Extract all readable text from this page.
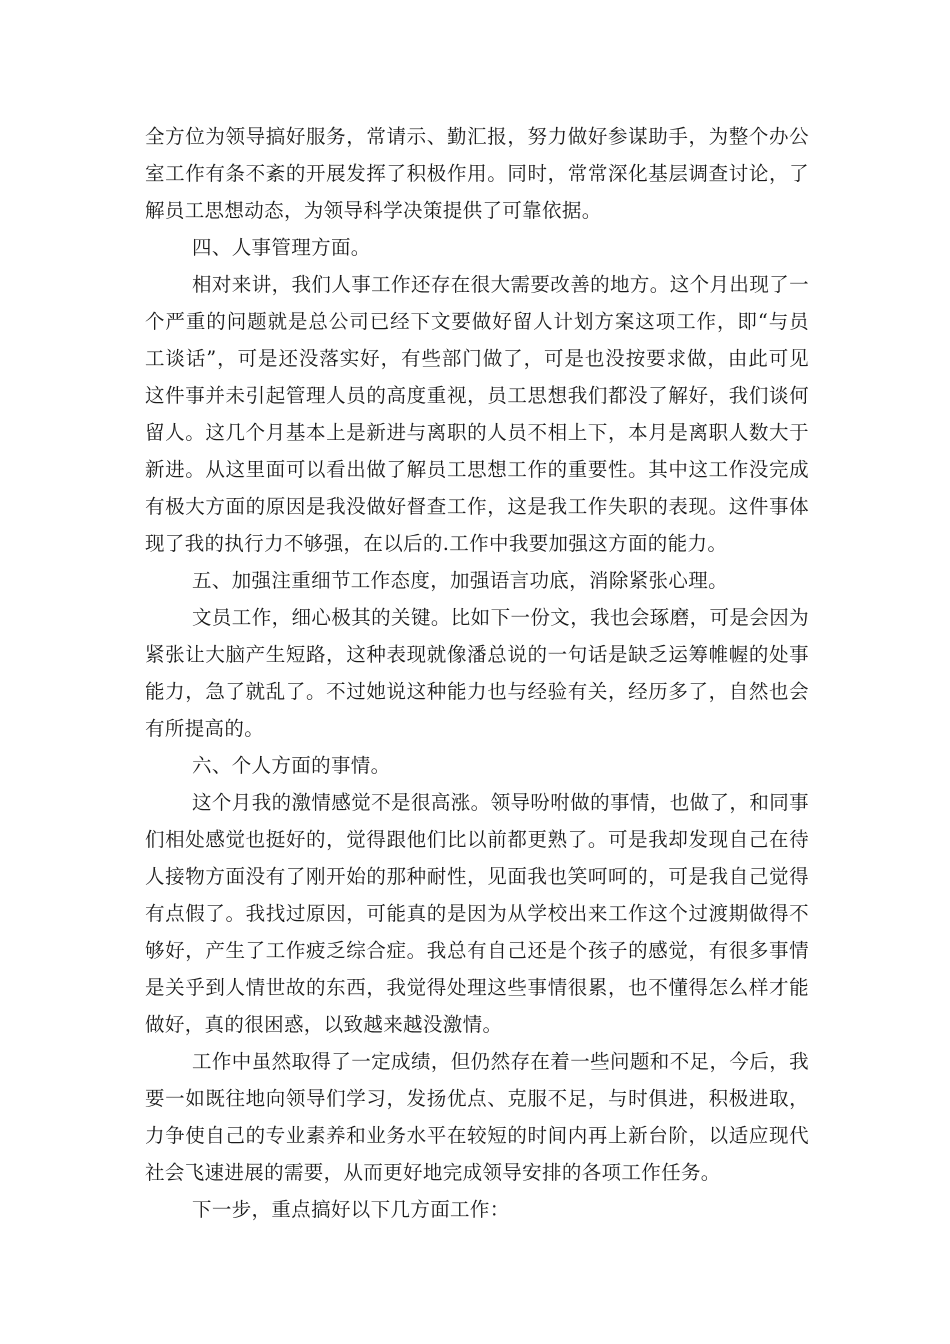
全方位为领导搞好服务，常请示、勤汇报，努力做好参谋助手，为整个办公室工作有条不紊的开展发挥了积极作用。同时，常常深化基层调查讨论，了解员工思想动态，为领导科学决策提供了可靠依据。

四、人事管理方面。

相对来讲，我们人事工作还存在很大需要改善的地方。这个月出现了一个严重的问题就是总公司已经下文要做好留人计划方案这项工作，即“与员工谈话”，可是还没落实好，有些部门做了，可是也没按要求做，由此可见这件事并未引起管理人员的高度重视，员工思想我们都没了解好，我们谈何留人。这几个月基本上是新进与离职的人员不相上下，本月是离职人数大于新进。从这里面可以看出做了解员工思想工作的重要性。其中这工作没完成有极大方面的原因是我没做好督查工作，这是我工作失职的表现。这件事体现了我的执行力不够强，在以后的.工作中我要加强这方面的能力。

五、加强注重细节工作态度，加强语言功底，消除紧张心理。

文员工作，细心极其的关键。比如下一份文，我也会琢磨，可是会因为紧张让大脑产生短路，这种表现就像潘总说的一句话是缺乏运筹帷幄的处事能力，急了就乱了。不过她说这种能力也与经验有关，经历多了，自然也会有所提高的。

六、个人方面的事情。

这个月我的激情感觉不是很高涨。领导吩咐做的事情，也做了，和同事们相处感觉也挺好的，觉得跟他们比以前都更熟了。可是我却发现自己在待人接物方面没有了刚开始的那种耐性，见面我也笑呵呵的，可是我自己觉得有点假了。我找过原因，可能真的是因为从学校出来工作这个过渡期做得不够好，产生了工作疲乏综合症。我总有自己还是个孩子的感觉，有很多事情是关乎到人情世故的东西，我觉得处理这些事情很累，也不懂得怎么样才能做好，真的很困惑，以致越来越没激情。

工作中虽然取得了一定成绩，但仍然存在着一些问题和不足，今后，我要一如既往地向领导们学习，发扬优点、克服不足，与时俱进，积极进取，力争使自己的专业素养和业务水平在较短的时间内再上新台阶，以适应现代社会飞速进展的需要，从而更好地完成领导安排的各项工作任务。

下一步，重点搞好以下几方面工作：
